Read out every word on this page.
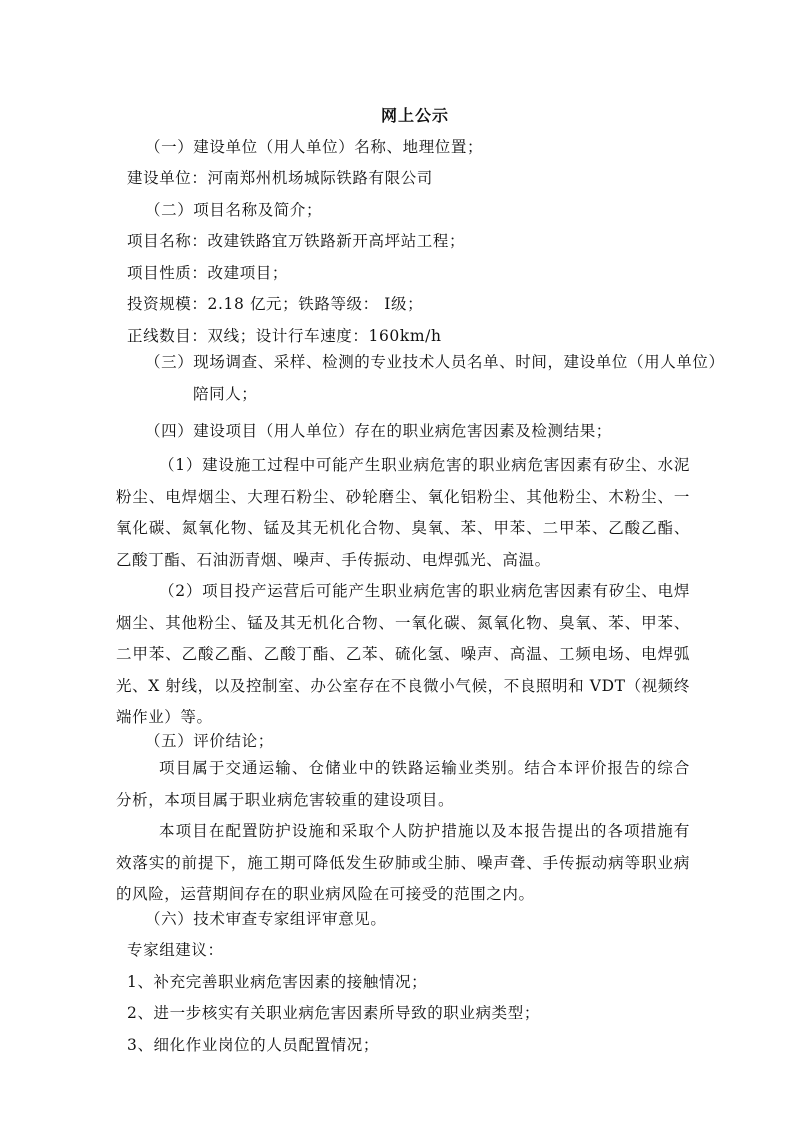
网上公示
（一）建设单位（用人单位）名称、地理位置；
建设单位：河南郑州机场城际铁路有限公司
（二）项目名称及简介；
项目名称：改建铁路宜万铁路新开高坪站工程；
项目性质：改建项目；
投资规模：2.18 亿元；铁路等级： Ⅰ级；
正线数目：双线；设计行车速度：160km/h
（三）现场调查、采样、检测的专业技术人员名单、时间，建设单位（用人单位）陪同人；
（四）建设项目（用人单位）存在的职业病危害因素及检测结果；
（1）建设施工过程中可能产生职业病危害的职业病危害因素有矽尘、水泥粉尘、电焊烟尘、大理石粉尘、砂轮磨尘、氧化铝粉尘、其他粉尘、木粉尘、一氧化碳、氮氧化物、锰及其无机化合物、臭氧、苯、甲苯、二甲苯、乙酸乙酯、乙酸丁酯、石油沥青烟、噪声、手传振动、电焊弧光、高温。
（2）项目投产运营后可能产生职业病危害的职业病危害因素有矽尘、电焊烟尘、其他粉尘、锰及其无机化合物、一氧化碳、氮氧化物、臭氧、苯、甲苯、二甲苯、乙酸乙酯、乙酸丁酯、乙苯、硫化氢、噪声、高温、工频电场、电焊弧光、X 射线，以及控制室、办公室存在不良微小气候，不良照明和 VDT（视频终端作业）等。
（五）评价结论；
项目属于交通运输、仓储业中的铁路运输业类别。结合本评价报告的综合分析，本项目属于职业病危害较重的建设项目。
本项目在配置防护设施和采取个人防护措施以及本报告提出的各项措施有效落实的前提下，施工期可降低发生矽肺或尘肺、噪声聋、手传振动病等职业病的风险，运营期间存在的职业病风险在可接受的范围之内。
（六）技术审查专家组评审意见。
专家组建议：
1、补充完善职业病危害因素的接触情况；
2、进一步核实有关职业病危害因素所导致的职业病类型；
3、细化作业岗位的人员配置情况；
